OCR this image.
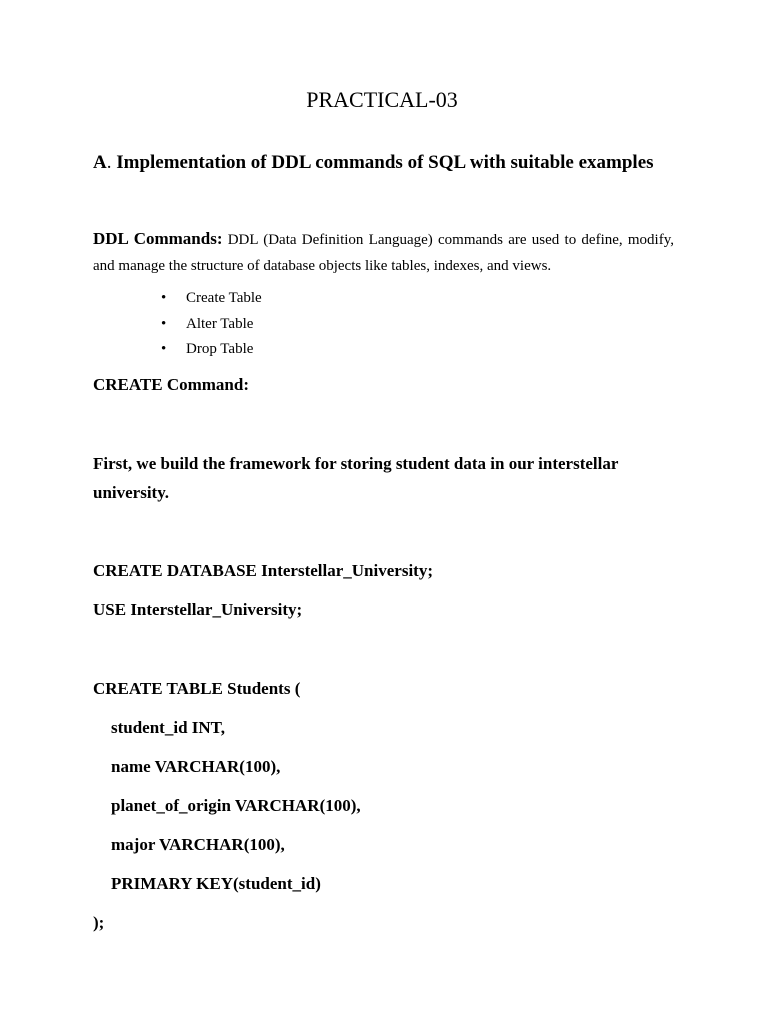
PRACTICAL-03
A. Implementation of DDL commands of SQL with suitable examples

DDL Commands: DDL (Data Definition Language) commands are used to define, modify, and manage the structure of database objects like tables, indexes, and views.

• Create Table
• Alter Table
• Drop Table

CREATE Command:

First, we build the framework for storing student data in our interstellar university.

CREATE DATABASE Interstellar_University;

USE Interstellar_University;

CREATE TABLE Students (

student_id INT,

name VARCHAR(100),

planet_of_origin VARCHAR(100),

major VARCHAR(100),

PRIMARY KEY(student_id)

);
